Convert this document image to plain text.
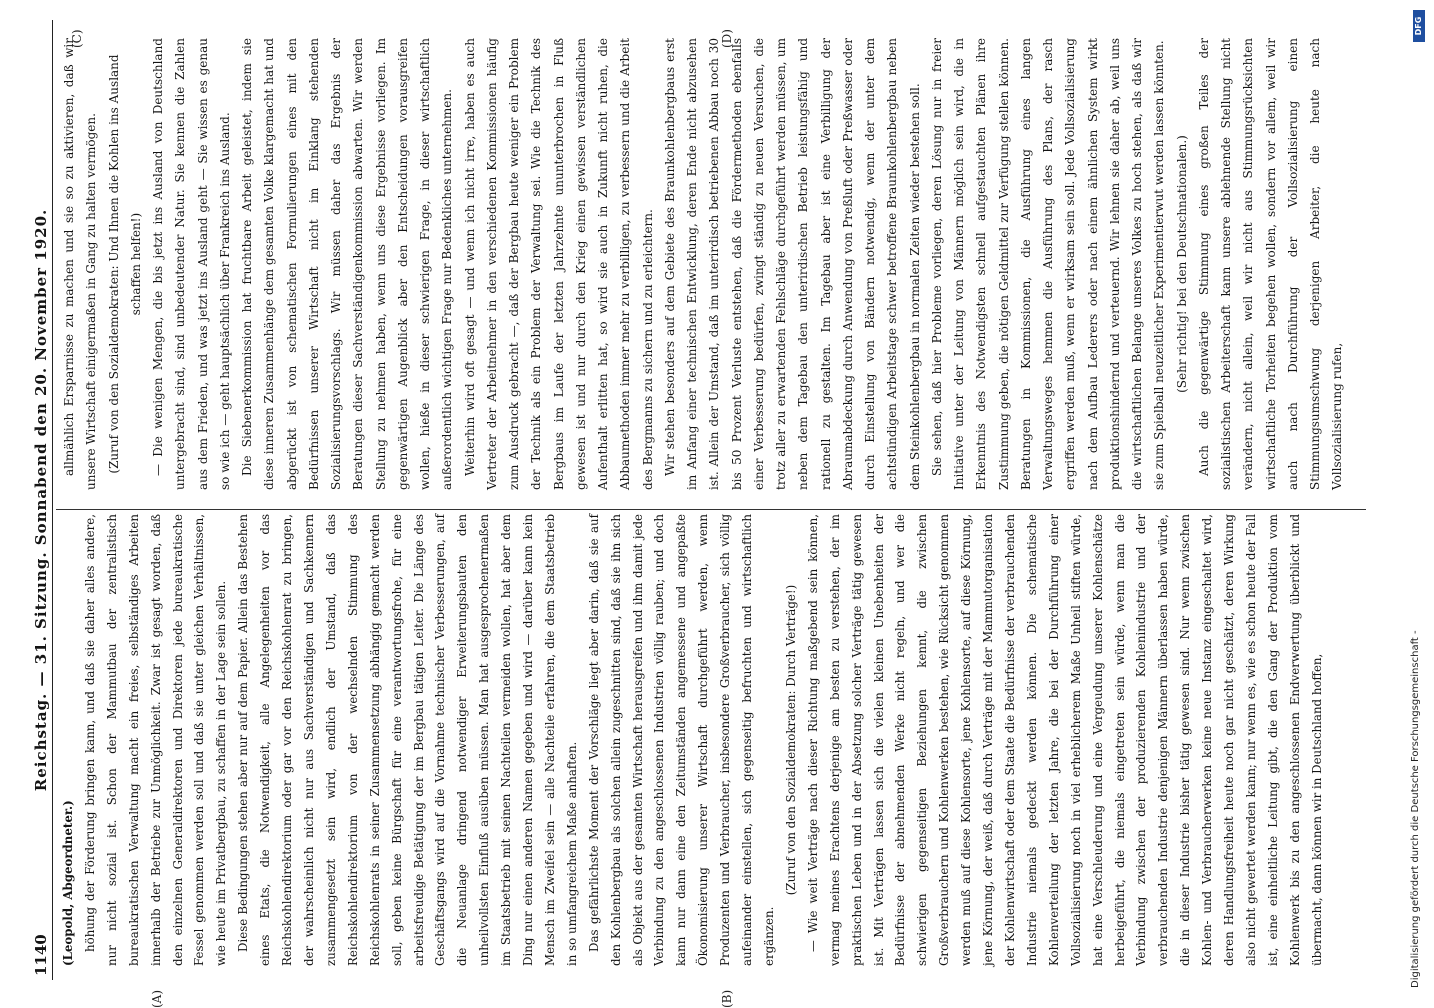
1140
Reichstag. — 31. Sitzung. Sonnabend den 20. November 1920.

(Leopold, Abgeordneter.) höhung der Förderung bringen kann, und daß sie daher alles andere, nur nicht sozial ist. Schon der Mammutbau der zentralistisch bureaukratischen Verwaltung macht ein freies, selbständiges Arbeiten innerhalb der Betriebe zur Unmöglichkeit. Zwar ist gesagt worden, daß den einzelnen Generaldirektoren und Direktoren jede bureaukratische Fessel genommen werden soll und daß sie unter gleichen Verhältnissen, wie heute im Privatbergbau, zu schaffen in der Lage sein sollen. Diese Bedingungen stehen aber nur auf dem Papier. Allein das Bestehen eines Etats, die Notwendigkeit, alle Angelegenheiten vor das Reichskohlendirektorium oder gar vor den Reichskohlenrat zu bringen, der wahrscheinlich nicht nur aus Sachverständigen und Sachkennern zusammengesetzt sein wird, endlich der Umstand, daß das Reichskohlendirektorium von der wechselnden Stimmung des Reichskohlenrats in seiner Zusammensetzung abhängig gemacht werden soll, geben keine Bürgschaft für eine verantwortungsfrohe, für eine arbeitsfreudige Betätigung der im Bergbau tätigen Leiter. Die Länge des Geschäftsgangs wird auf die Vornahme technischer Verbesserungen, auf die Neuanlage dringend notwendiger Erweiterungsbauten den unheilvollsten Einfluß ausüben müssen. Man hat ausgesprochenermaßen im Staatsbetrieb mit seinen Nachteilen vermeiden wollen, hat aber dem Ding nur einen anderen Namen gegeben und wird — darüber kann kein Mensch im Zweifel sein — alle Nachteile erfahren, die dem Staatsbetrieb in so umfangreichem Maße anhaften. Das gefährlichste Moment der Vorschläge liegt aber darin, daß sie auf den Kohlenbergbau als solchen allein zugeschnitten sind, daß sie ihn sich als Objekt aus der gesamten Wirtschaft herausgreifen und ihm damit jede Verbindung zu den angeschlossenen Industrien völlig rauben; und doch kann nur dann eine den Zeitumständen angemessene und angepaßte Ökonomisierung unserer Wirtschaft durchgeführt werden, wenn Produzenten und Verbraucher, insbesondere Großverbraucher, sich völlig aufeinander einstellen, sich gegenseitig befruchten und wirtschaftlich ergänzen.

(Zuruf von den Sozialdemokraten: Durch Verträge!) — Wie weit Verträge nach dieser Richtung maßgebend sein können, vermag meines Erachtens derjenige am besten zu verstehen, der im praktischen Leben und in der Absetzung solcher Verträge tätig gewesen ist. Mit Verträgen lassen sich die vielen kleinen Unebenheiten der Bedürfnisse der abnehmenden Werke nicht regeln, und wer die schwierigen gegenseitigen Beziehungen kennt, die zwischen Großverbrauchern und Kohlenwerken bestehen, wie Rücksicht genommen werden muß auf diese Kohlensorte, jene Kohlensorte, auf diese Körnung, jene Körnung, der weiß, daß durch Verträge mit der Mammutorganisation der Kohlenwirtschaft oder dem Staate die Bedürfnisse der verbrauchenden Industrie niemals gedeckt werden können. Die schematische Kohlenverteilung der letzten Jahre, die bei der Durchführung einer Vollsozialisierung noch in viel erheblicherem Maße Unheil stiften würde, hat eine Verschleuderung und eine Vergeudung unserer Kohlenschätze herbeigeführt, die niemals eingetreten sein würde, wenn man die Verbindung zwischen der produzierenden Kohlenindustrie und der verbrauchenden Industrie denjenigen Männern überlassen haben würde, die in dieser Industrie bisher tätig gewesen sind. Nur wenn zwischen Kohlen- und Verbraucherwerken keine neue Instanz eingeschaltet wird, deren Handlungsfreiheit heute noch gar nicht geschätzt, deren Wirkung also nicht gewertet werden kann; nur wenn es, wie es schon heute der Fall ist, eine einheitliche Leitung gibt, die den Gang der Produktion vom Kohlenwerk bis zu den angeschlossenen Endverwertung überblickt und übermacht, dann können wir in Deutschland hoffen,

allmählich Ersparnisse zu machen und sie so zu aktivieren, daß wir unsere Wirtschaft einigermaßen in Gang zu halten vermögen. (Zuruf von den Sozialdemokraten: Und Ihnen die Kohlen ins Ausland schaffen helfen!) — Die wenigen Mengen, die bis jetzt ins Ausland von Deutschland untergebracht sind, sind unbedeutender Natur. Sie kennen die Zahlen aus dem Frieden, und was jetzt ins Ausland geht — Sie wissen es genau so wie ich — geht hauptsächlich über Frankreich ins Ausland. Die Siebenerkommission hat fruchtbare Arbeit geleistet, indem sie diese inneren Zusammenhänge dem gesamten Volke klargemacht hat und abgerückt ist von schematischen Formulierungen eines mit den Bedürfnissen unserer Wirtschaft nicht im Einklang stehenden Sozialisierungsvorschlags. Wir müssen daher das Ergebnis der Beratungen dieser Sachverständigenkommission abwarten. Wir werden Stellung zu nehmen haben, wenn uns diese Ergebnisse vorliegen. Im gegenwärtigen Augenblick aber den Entscheidungen vorausgreifen wollen, hieße in dieser schwierigen Frage, in dieser wirtschaftlich außerordentlich wichtigen Frage nur Bedenkliches unternehmen. Weiterhin wird oft gesagt — und wenn ich nicht irre, haben es auch Vertreter der Arbeitnehmer in den verschiedenen Kommissionen häufig zum Ausdruck gebracht —, daß der Bergbau heute weniger ein Problem der Technik als ein Problem der Verwaltung sei. Wie die Technik des Bergbaus im Laufe der letzten Jahrzehnte ununterbrochen in Fluß gewesen ist und nur durch den Krieg einen gewissen verständlichen Aufenthalt erlitten hat, so wird sie auch in Zukunft nicht ruhen, die Abbaumethoden immer mehr zu verbilligen, zu verbessern und die Arbeit des Bergmanns zu sichern und zu erleichtern. Wir stehen besonders auf dem Gebiete des Braunkohlenbergbaus erst im Anfang einer technischen Entwicklung, deren Ende nicht abzusehen ist. Allein der Umstand, daß im unterirdisch betriebenen Abbau noch 30 bis 50 Prozent Verluste entstehen, daß die Fördermethoden ebenfalls einer Verbesserung bedürfen, zwingt ständig zu neuen Versuchen, die trotz aller zu erwartenden Fehlschläge durchgeführt werden müssen, um neben dem Tagebau den unterirdischen Betrieb leistungsfähig und rationell zu gestalten. Im Tagebau aber ist eine Verbilligung der Abraumabdeckung durch Anwendung von Preßluft oder Preßwasser oder durch Einstellung von Bändern notwendig, wenn der unter dem achtstündigen Arbeitstage schwer betroffene Braunkohlenbergbau neben dem Steinkohlenbergbau in normalen Zeiten wieder bestehen soll. Sie sehen, daß hier Probleme vorliegen, deren Lösung nur in freier Initiative unter der Leitung von Männern möglich sein wird, die in Erkenntnis des Notwendigsten schnell aufgestauchten Plänen ihre Zustimmung geben, die nötigen Geldmittel zur Verfügung stellen können. Beratungen in Kommissionen, die Ausführung eines langen Verwaltungsweges hemmen die Ausführung des Plans, der rasch ergriffen werden muß, wenn er wirksam sein soll. Jede Vollsozialisierung nach dem Aufbau Lederers oder nach einem ähnlichen System wirkt produktionshindernd und verteuernd. Wir lehnen sie daher ab, weil uns die wirtschaftlichen Belange unseres Volkes zu hoch stehen, als daß wir sie zum Spielball neuzeitlicher Experimentierwut werden lassen könnten. (Sehr richtig! bei den Deutschnationalen.) Auch die gegenwärtige Stimmung eines großen Teiles der sozialistischen Arbeiterschaft kann unsere ablehnende Stellung nicht verändern, nicht allein, weil wir nicht aus Stimmungsrücksichten wirtschaftliche Torheiten begehen wollen, sondern vor allem, weil wir auch nach Durchführung der Vollsozialisierung einen Stimmungsumschwung derjenigen Arbeiter, die heute nach Vollsozialisierung rufen,

(A)	(B)
(C)	(D)
Digitalisierung gefördert durch die Deutsche Forschungsgemeinschaft -
DFG
